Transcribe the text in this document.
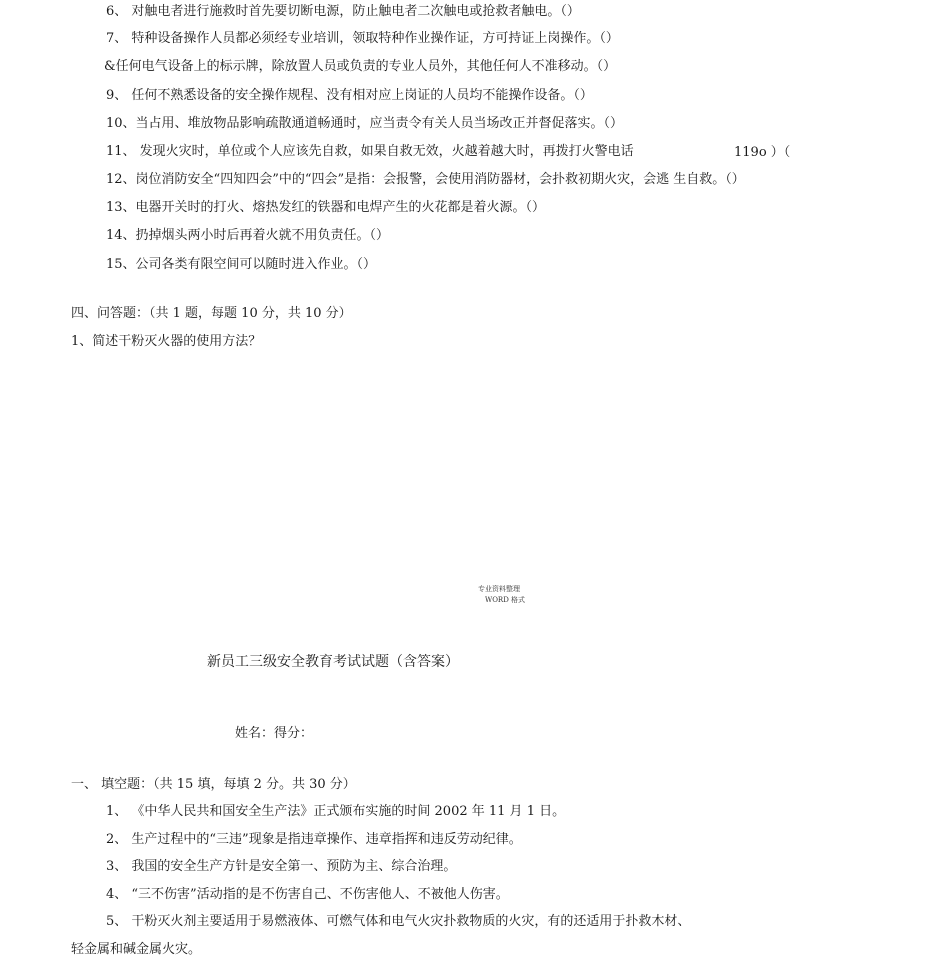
6、 对触电者进行施救时首先要切断电源，防止触电者二次触电或抢救者触电。（）
7、 特种设备操作人员都必须经专业培训，领取特种作业操作证，方可持证上岗操作。（）
&任何电气设备上的标示牌，除放置人员或负责的专业人员外，其他任何人不准移动。（）
9、 任何不熟悉设备的安全操作规程、没有相对应上岗证的人员均不能操作设备。（）
10、当占用、堆放物品影响疏散通道畅通时，应当责令有关人员当场改正并督促落实。（）
11、 发现火灾时，单位或个人应该先自救，如果自救无效，火越着越大时，再拨打火警电话	119o ）（
12、岗位消防安全“四知四会”中的“四会”是指：会报警，会使用消防器材，会扑救初期火灾，会逃 生自救。（）
13、电器开关时的打火、熔热发红的铁器和电焊产生的火花都是着火源。（）
14、扔掉烟头两小时后再着火就不用负责任。（）
15、公司各类有限空间可以随时进入作业。（）
四、问答题：（共 1 题，每题 10 分，共 10 分）
1、简述干粉灭火器的使用方法？
专业资料整理
WORD 格式
新员工三级安全教育考试试题（含答案）
姓名：得分：
一、 填空题：（共 15 填，每填 2 分。共 30 分）
1、 《中华人民共和国安全生产法》正式颁布实施的时间 2002 年 11 月 1 日。
2、 生产过程中的“三违”现象是指违章操作、违章指挥和违反劳动纪律。
3、 我国的安全生产方针是安全第一、预防为主、综合治理。
4、 “三不伤害”活动指的是不伤害自己、不伤害他人、不被他人伤害。
5、 干粉灭火剂主要适用于易燃液体、可燃气体和电气火灾扑救物质的火灾，有的还适用于扑救木材、
轻金属和碱金属火灾。
